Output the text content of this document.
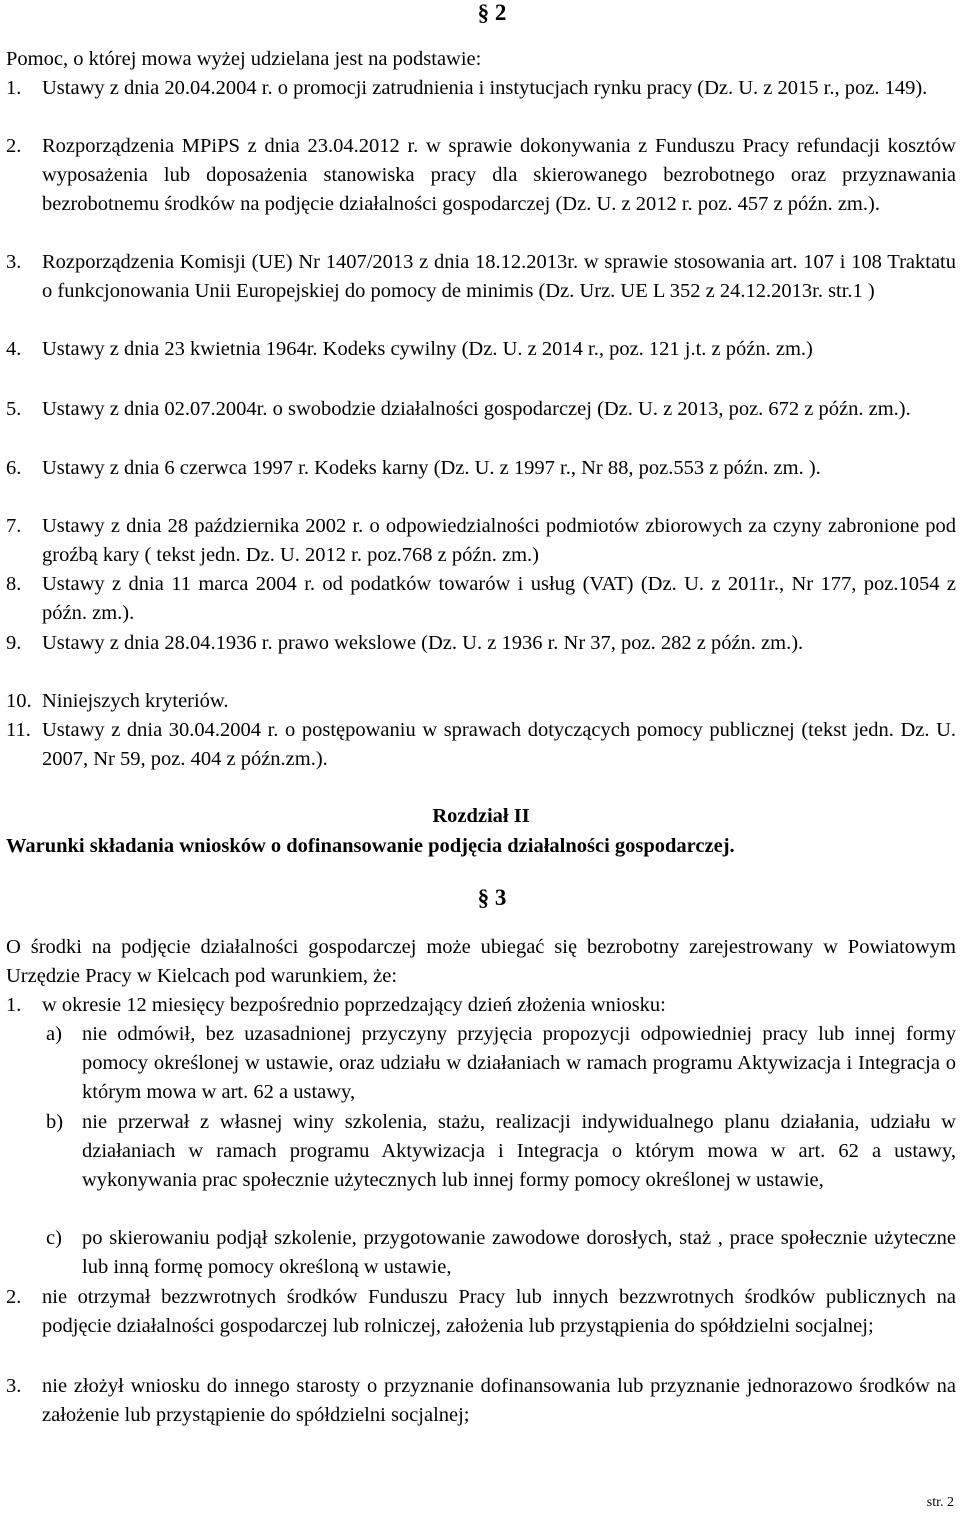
§ 2
Pomoc, o której mowa wyżej udzielana jest na podstawie:
1.	Ustawy z dnia 20.04.2004 r. o promocji zatrudnienia i instytucjach rynku pracy (Dz. U. z 2015 r., poz. 149).
2.	Rozporządzenia MPiPS z dnia 23.04.2012 r. w sprawie dokonywania z Funduszu Pracy refundacji kosztów wyposażenia lub doposażenia stanowiska pracy dla skierowanego bezrobotnego oraz przyznawania bezrobotnemu środków na podjęcie działalności gospodarczej (Dz. U. z 2012 r. poz. 457 z późn. zm.).
3.	Rozporządzenia Komisji (UE) Nr 1407/2013 z dnia 18.12.2013r. w sprawie stosowania art. 107 i 108 Traktatu o funkcjonowania Unii Europejskiej do pomocy de minimis (Dz. Urz. UE L 352 z 24.12.2013r. str.1 )
4.	Ustawy z dnia 23 kwietnia 1964r. Kodeks cywilny (Dz. U. z 2014 r., poz. 121 j.t. z późn. zm.)
5.	Ustawy z dnia 02.07.2004r. o swobodzie działalności gospodarczej (Dz. U. z 2013, poz. 672 z późn. zm.).
6.	Ustawy z dnia 6 czerwca 1997 r. Kodeks karny (Dz. U. z 1997 r., Nr 88, poz.553 z późn. zm. ).
7.	Ustawy z dnia 28 października 2002 r. o odpowiedzialności podmiotów zbiorowych za czyny zabronione pod groźbą kary ( tekst jedn. Dz. U. 2012 r. poz.768 z późn. zm.)
8.	Ustawy z dnia 11 marca 2004 r. od podatków towarów i usług (VAT) (Dz. U. z 2011r., Nr 177, poz.1054 z późn. zm.).
9.	Ustawy z dnia 28.04.1936 r. prawo wekslowe (Dz. U. z 1936 r. Nr 37, poz. 282 z późn. zm.).
10. Niniejszych kryteriów.
11. Ustawy z dnia 30.04.2004 r. o postępowaniu w sprawach dotyczących pomocy publicznej (tekst jedn. Dz. U. 2007, Nr 59, poz. 404 z późn.zm.).
Rozdział II
Warunki składania wniosków o dofinansowanie podjęcia działalności gospodarczej.
§ 3
O środki na podjęcie działalności gospodarczej może ubiegać się bezrobotny zarejestrowany w Powiatowym Urzędzie Pracy w Kielcach pod warunkiem, że:
1.	w okresie 12 miesięcy bezpośrednio poprzedzający dzień złożenia wniosku:
a) nie odmówił, bez uzasadnionej przyczyny przyjęcia propozycji odpowiedniej pracy lub innej formy pomocy określonej w ustawie, oraz udziału w działaniach w ramach programu Aktywizacja i Integracja o którym mowa w art. 62 a ustawy,
b) nie przerwał z własnej winy szkolenia, stażu, realizacji indywidualnego planu działania, udziału w działaniach w ramach programu Aktywizacja i Integracja o którym mowa w art. 62 a ustawy, wykonywania prac społecznie użytecznych lub innej formy pomocy określonej w ustawie,
c) po skierowaniu podjął szkolenie, przygotowanie zawodowe dorosłych, staż , prace społecznie użyteczne lub inną formę pomocy określoną w ustawie,
2.	nie otrzymał bezzwrotnych środków Funduszu Pracy lub innych bezzwrotnych środków publicznych na podjęcie działalności gospodarczej lub rolniczej, założenia lub przystąpienia do spółdzielni socjalnej;
3.	nie złożył wniosku do innego starosty o przyznanie dofinansowania lub przyznanie jednorazowo środków na założenie lub przystąpienie do spółdzielni socjalnej;
str. 2
